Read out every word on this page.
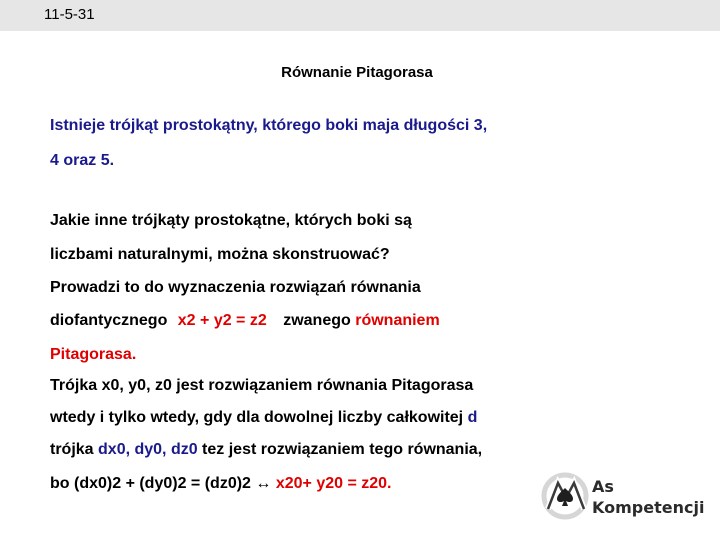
11-5-31
Równanie Pitagorasa
Istnieje trójkąt prostokątny, którego boki maja długości 3,
4 oraz 5.
Jakie inne trójkąty prostokątne, których boki są
liczbami naturalnymi, można skonstruować?
Prowadzi to do wyznaczenia rozwiązań równania
diofantycznego x2 + y2 = z2 zwanego równaniem
Pitagorasa.
Trójka x0, y0, z0 jest rozwiązaniem równania Pitagorasa
wtedy i tylko wtedy, gdy dla dowolnej liczby całkowitej d
trójka dx0, dy0, dz0 tez jest rozwiązaniem tego równania,
bo (dx0)2 + (dy0)2 = (dz0)2 ↔ x20+ y20 = z20.	As
Kompetencji
